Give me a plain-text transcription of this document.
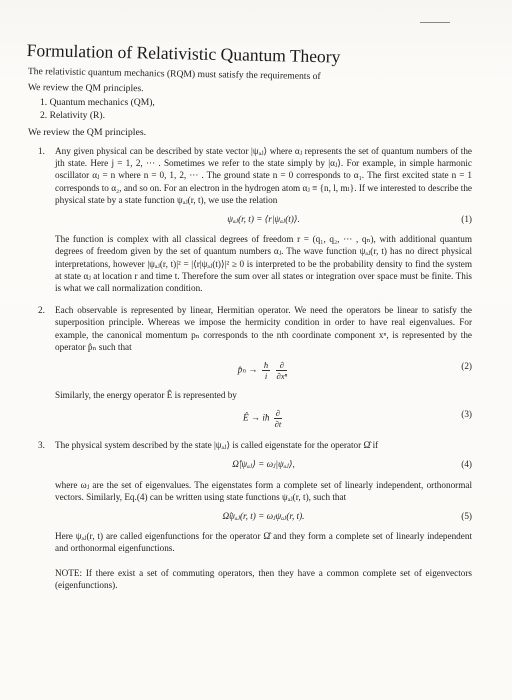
Formulation of Relativistic Quantum Theory
The relativistic quantum mechanics (RQM) must satisfy the requirements of
We review the QM principles.
1. Quantum mechanics (QM),
2. Relativity (R).
We review the QM principles.
1. Any given physical can be described by state vector |ψₐⱼ⟩ where αⱼ represents the set of quantum numbers of the jth state. Here j = 1, 2, ··· . Sometimes we refer to the state simply by |αⱼ⟩. For example, in simple harmonic oscillator αⱼ = n where n = 0, 1, 2, ··· . The ground state n = 0 corresponds to α₁. The first excited state n = 1 corresponds to α₂, and so on. For an electron in the hydrogen atom αⱼ ≡ {n, l, mₗ}. If we interested to describe the physical state by a state function ψₐⱼ(r, t), we use the relation
ψₐⱼ(r, t) = ⟨r|ψₐⱼ(t)⟩.	(1)
The function is complex with all classical degrees of freedom r = (q₁, q₂, ··· , qₙ), with additional quantum degrees of freedom given by the set of quantum numbers αⱼ. The wave function ψₐⱼ(r, t) has no direct physical interpretations, however |ψₐⱼ(r, t)|² = |⟨r|ψₐⱼ(t)⟩|² ≥ 0 is interpreted to be the probability density to find the system at state αⱼ at location r and time t. Therefore the sum over all states or integration over space must be finite. This is what we call normalization condition.
2. Each observable is represented by linear, Hermitian operator. We need the operators be linear to satisfy the superposition principle. Whereas we impose the hermicity condition in order to have real eigenvalues. For example, the canonical momentum pₙ corresponds to the nth coordinate component xⁿ, is represented by the operator p̂ₙ such that
p̂ₙ → $\frac{ħ}{i}$
$\frac{\partial}{\text{∂xⁿ}}$	(2)
Similarly, the energy operator Ê is represented by
Ê → iħ $\frac{\partial}{\partial t}$	(3)
3. The physical system described by the state |ψₐⱼ⟩ is called eigenstate for the operator Ω̂ if
Ω̂|ψₐⱼ⟩ = ωⱼ|ψₐⱼ⟩,	(4)
where ωⱼ are the set of eigenvalues. The eigenstates form a complete set of linearly independent, orthonormal vectors. Similarly, Eq.(4) can be written using state functions ψₐⱼ(r, t), such that
Ω̂ψₐⱼ(r, t) = ωⱼψₐⱼ(r, t).	(5)
Here ψₐⱼ(r, t) are called eigenfunctions for the operator Ω̂ and they form a complete set of linearly independent and orthonormal eigenfunctions.
NOTE: If there exist a set of commuting operators, then they have a common complete set of eigenvectors (eigenfunctions).
